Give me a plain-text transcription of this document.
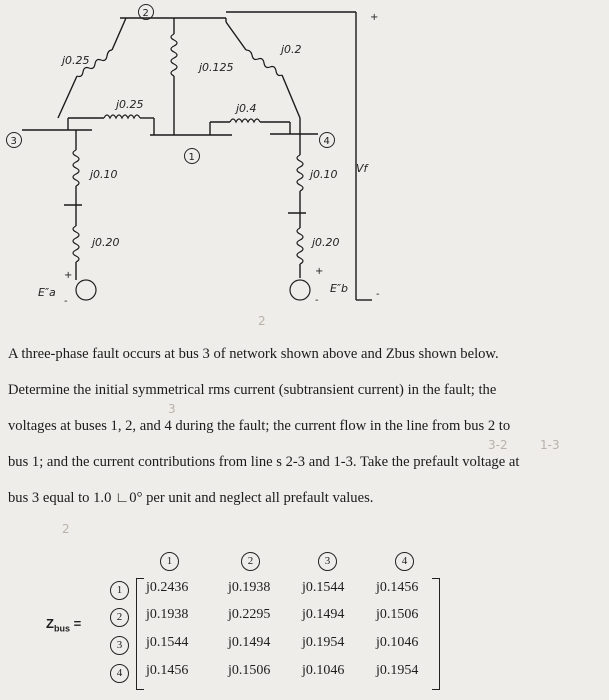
+
2
j0.25
j0.125
j0.2
3
j0.25
1
j0.4
4
j0.10
j0.20
+
-
E″a
j0.10
j0.20
+
-
E″b
Vf
-

A three-phase fault occurs at bus 3 of network shown above and Zbus shown below.

Determine the initial symmetrical rms current (subtransient current) in the fault; the

voltages at buses 1, 2, and 4 during the fault; the current flow in the line from bus 2 to

bus 1; and the current contributions from line s 2-3 and 1-3. Take the prefault voltage at

bus 3 equal to 1.0 ∟0° per unit and neglect all prefault values.

2
3
3-2	1-3
2
$Z_{bus}$ =
1	2	3	4
1
2
3
4
j0.2436	j0.1938 j0.1544 j0.1456
j0.1938	j0.2295 j0.1494 j0.1506
j0.1544	j0.1494 j0.1954 j0.1046
j0.1456	j0.1506 j0.1046 j0.1954
